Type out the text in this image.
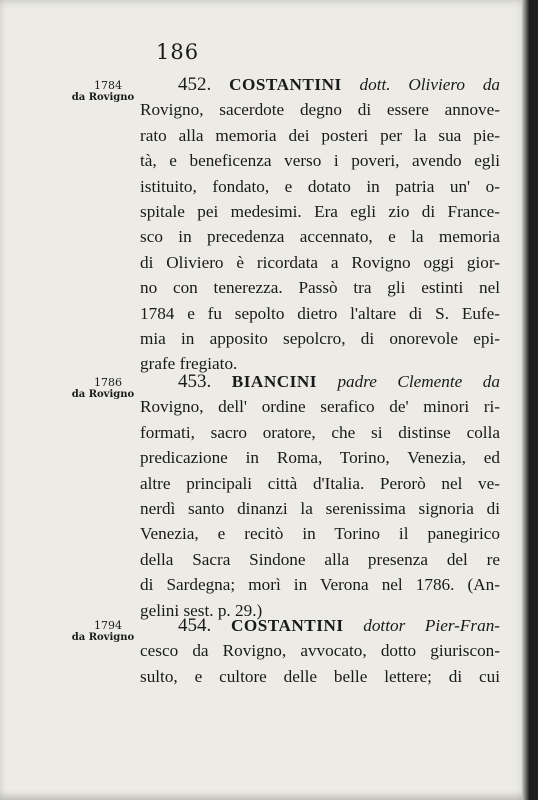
186
1784
da Rovigno
1786
da Rovigno
1794
da Rovigno
452. COSTANTINI dott. Oliviero da
Rovigno, sacerdote degno di essere annove-
rato alla memoria dei posteri per la sua pie-
tà, e beneficenza verso i poveri, avendo egli
istituito, fondato, e dotato in patria un' o-
spitale pei medesimi. Era egli zio di France-
sco in precedenza accennato, e la memoria
di Oliviero è ricordata a Rovigno oggi gior-
no con tenerezza. Passò tra gli estinti nel
1784 e fu sepolto dietro l'altare di S. Eufe-
mia in apposito sepolcro, di onorevole epi-
grafe fregiato.
453. BIANCINI padre Clemente da
Rovigno, dell' ordine serafico de' minori ri-
formati, sacro oratore, che si distinse colla
predicazione in Roma, Torino, Venezia, ed
altre principali città d'Italia. Perorò nel ve-
nerdì santo dinanzi la serenissima signoria di
Venezia, e recitò in Torino il panegirico
della Sacra Sindone alla presenza del re
di Sardegna; morì in Verona nel 1786. (An-
gelini sest. p. 29.)
454. COSTANTINI dottor Pier-Fran-
cesco da Rovigno, avvocato, dotto giuriscon-
sulto, e cultore delle belle lettere; di cui
